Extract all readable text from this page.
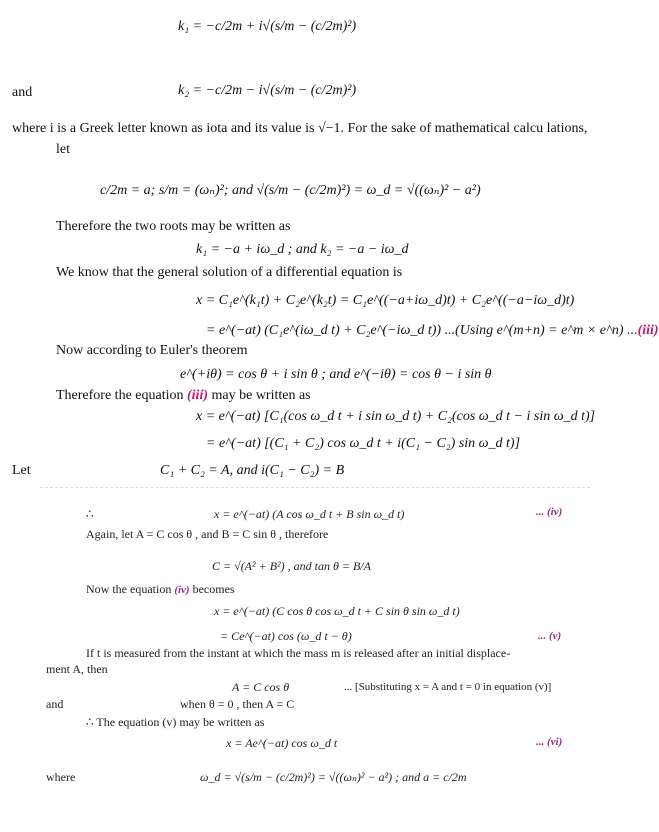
k₁ = −c/2m + i√(s/m − (c/2m)²)
and	k₂ = −c/2m − i√(s/m − (c/2m)²)
where i is a Greek letter known as iota and its value is √−1. For the sake of mathematical calcu lations,
let
c/2m = a; s/m = (ωₙ)²; and √(s/m − (c/2m)²) = ω_d = √((ωₙ)² − a²)
Therefore the two roots may be written as
k₁ = −a + iω_d ; and k₂ = −a − iω_d
We know that the general solution of a differential equation is
x = C₁e^(k₁t) + C₂e^(k₂t) = C₁e^((−a+iω_d)t) + C₂e^((−a−iω_d)t)
= e^(−at) (C₁e^(iω_d t) + C₂e^(−iω_d t)) ...(Using e^(m+n) = e^m × e^n) ...(iii)
Now according to Euler's theorem
e^(+iθ) = cos θ + i sin θ ; and e^(−iθ) = cos θ − i sin θ
Therefore the equation (iii) may be written as
x = e^(−at) [C₁(cos ω_d t + i sin ω_d t) + C₂(cos ω_d t − i sin ω_d t)]
= e^(−at) [(C₁ + C₂) cos ω_d t + i(C₁ − C₂) sin ω_d t)]
Let	C₁ + C₂ = A, and i(C₁ − C₂) = B
∴	x = e^(−at) (A cos ω_d t + B sin ω_d t)	... (iv)
Again, let A = C cos θ , and B = C sin θ , therefore
C = √(A² + B²) , and tan θ = B/A
Now the equation (iv) becomes
x = e^(−at) (C cos θ cos ω_d t + C sin θ sin ω_d t)
= Ce^(−at) cos (ω_d t − θ)	... (v)
If t is measured from the instant at which the mass m is released after an initial displace-
ment A, then
A = C cos θ	... [Substituting x = A and t = 0 in equation (v)]
and	when θ = 0 , then A = C
∴ The equation (v) may be written as
x = Ae^(−at) cos ω_d t	... (vi)
where	ω_d = √(s/m − (c/2m)²) = √((ωₙ)² − a²) ; and a = c/2m
